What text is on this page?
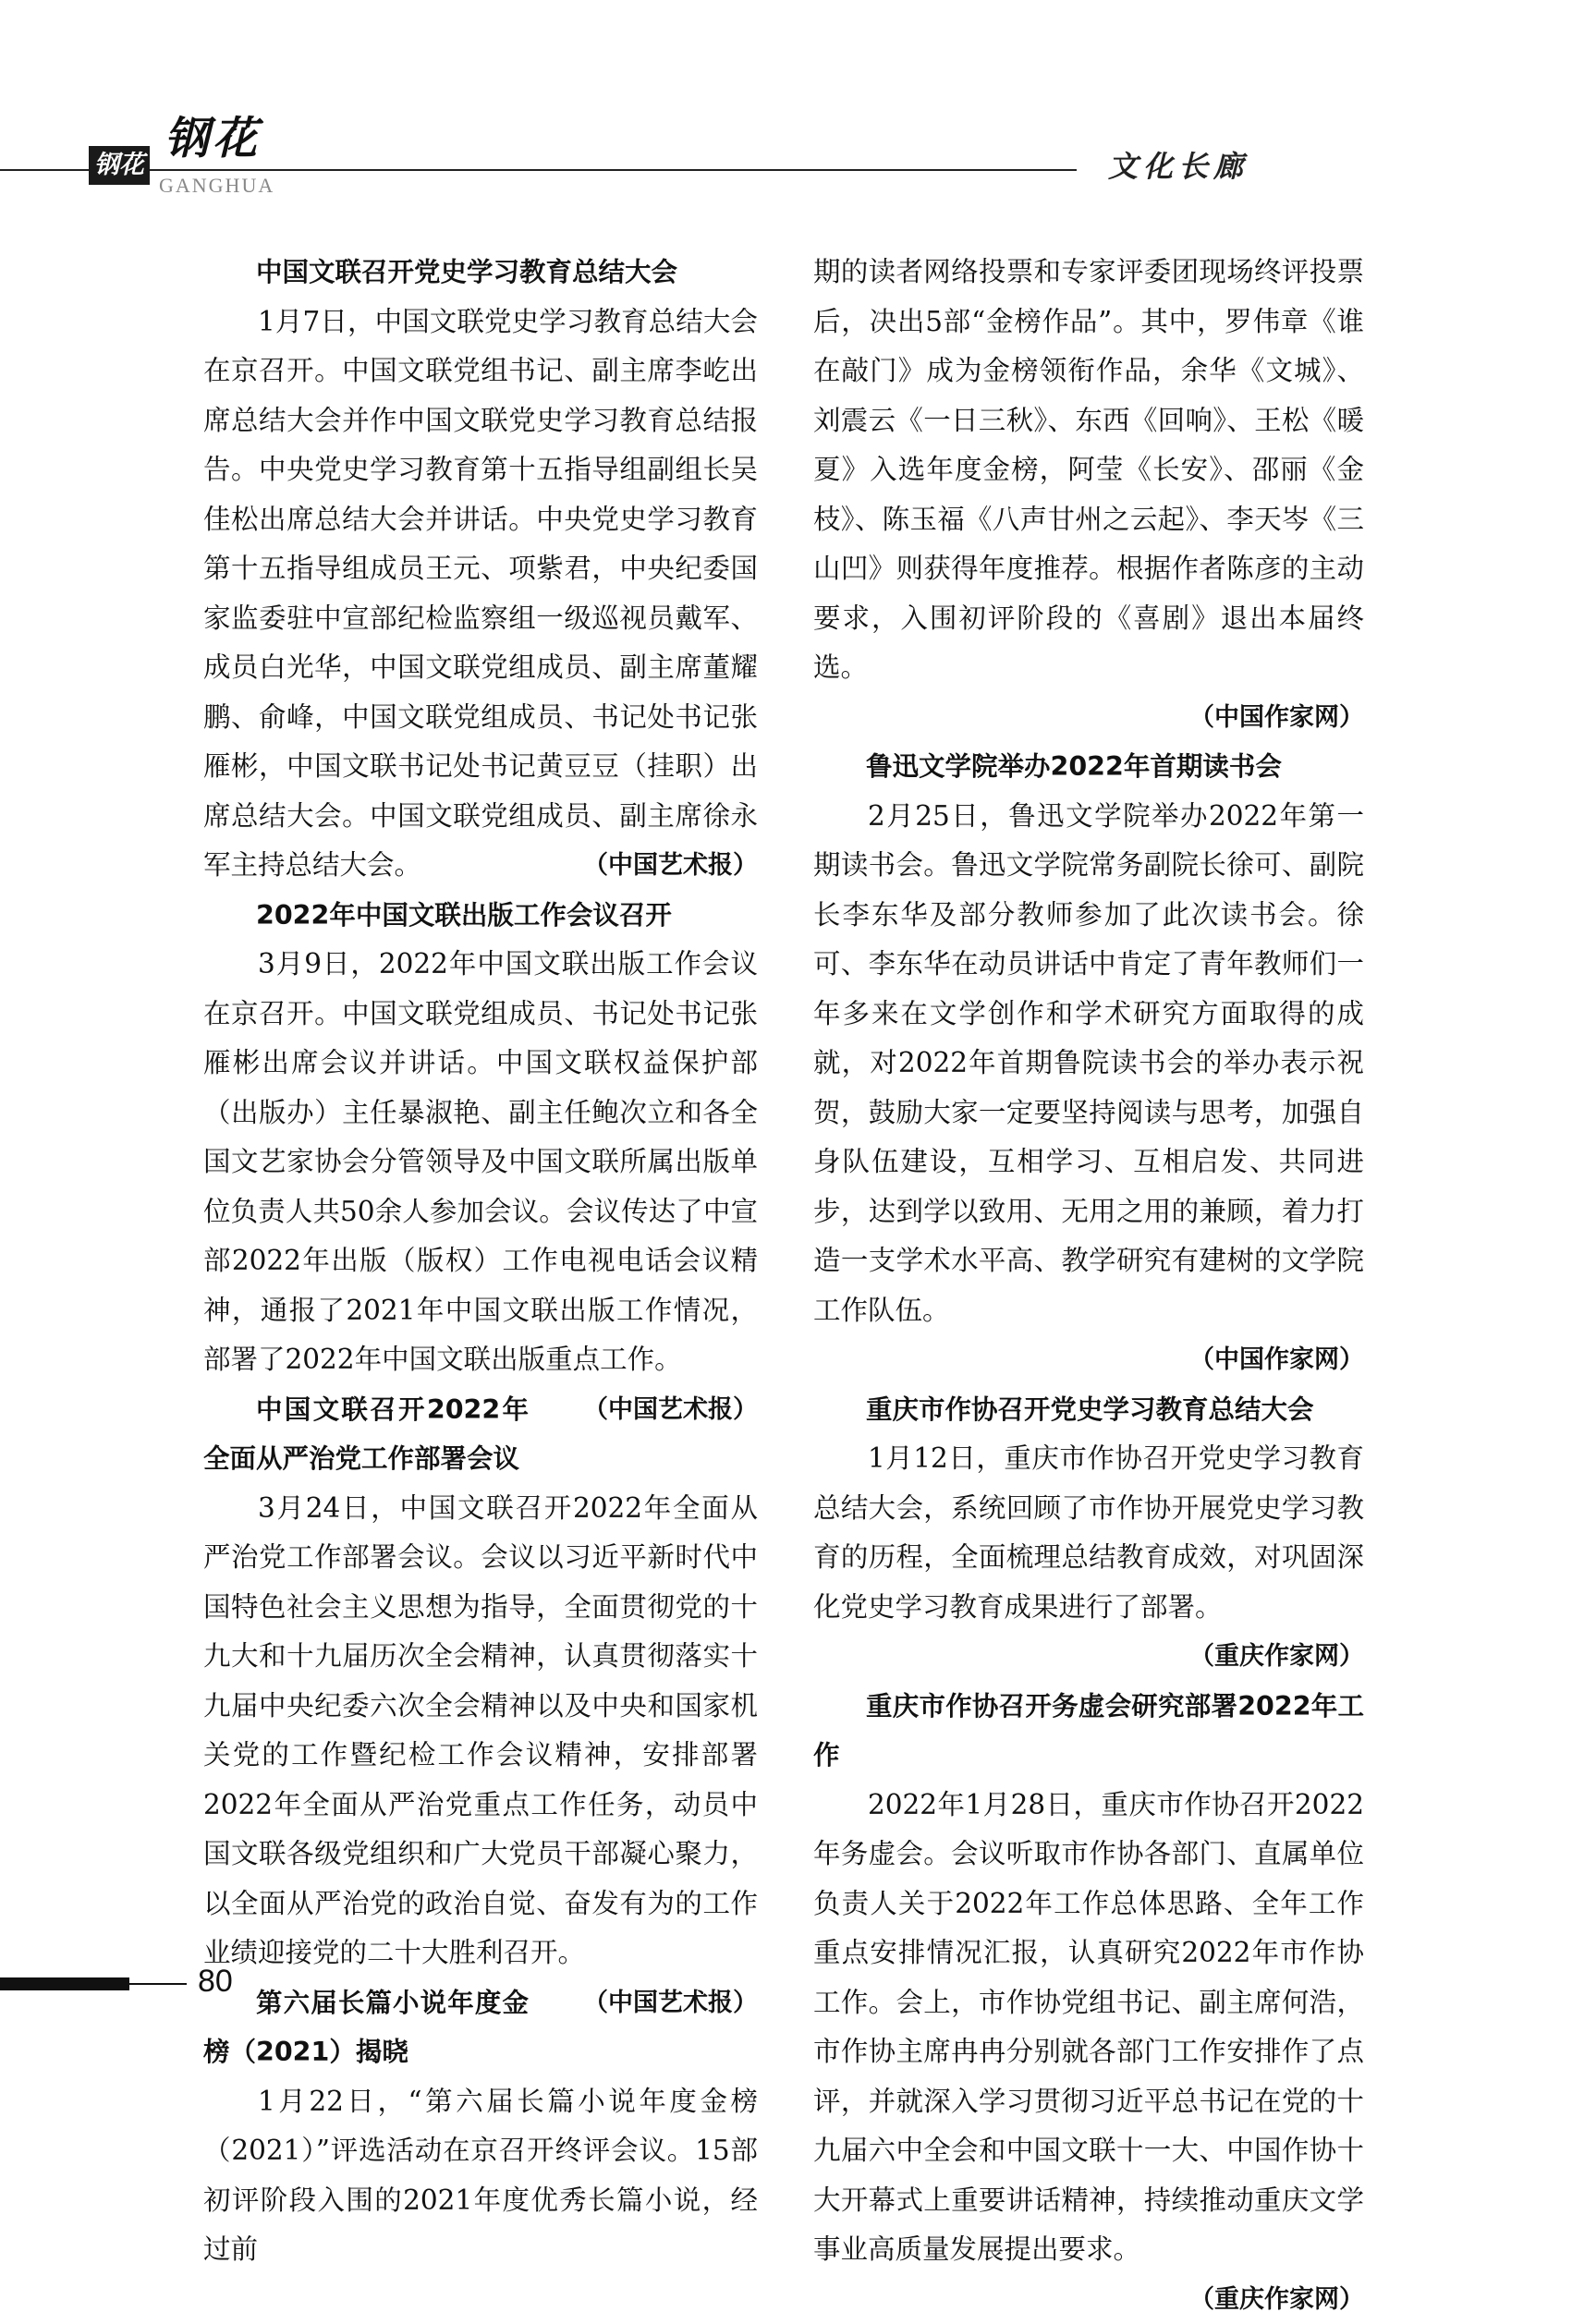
钢花
钢花
GANGHUA
文化长廊
中国文联召开党史学习教育总结大会

1月7日，中国文联党史学习教育总结大会在京召开。中国文联党组书记、副主席李屹出席总结大会并作中国文联党史学习教育总结报告。中央党史学习教育第十五指导组副组长吴佳松出席总结大会并讲话。中央党史学习教育第十五指导组成员王元、项紫君，中央纪委国家监委驻中宣部纪检监察组一级巡视员戴军、成员白光华，中国文联党组成员、副主席董耀鹏、俞峰，中国文联党组成员、书记处书记张雁彬，中国文联书记处书记黄豆豆（挂职）出席总结大会。中国文联党组成员、副主席徐永军主持总结大会。	（中国艺术报）

2022年中国文联出版工作会议召开

3月9日，2022年中国文联出版工作会议在京召开。中国文联党组成员、书记处书记张雁彬出席会议并讲话。中国文联权益保护部（出版办）主任暴淑艳、副主任鲍次立和各全国文艺家协会分管领导及中国文联所属出版单位负责人共50余人参加会议。会议传达了中宣部2022年出版（版权）工作电视电话会议精神，通报了2021年中国文联出版工作情况，部署了2022年中国文联出版重点工作。
（中国艺术报）

中国文联召开2022年全面从严治党工作部署会议

3月24日，中国文联召开2022年全面从严治党工作部署会议。会议以习近平新时代中国特色社会主义思想为指导，全面贯彻党的十九大和十九届历次全会精神，认真贯彻落实十九届中央纪委六次全会精神以及中央和国家机关党的工作暨纪检工作会议精神，安排部署2022年全面从严治党重点工作任务，动员中国文联各级党组织和广大党员干部凝心聚力，以全面从严治党的政治自觉、奋发有为的工作业绩迎接党的二十大胜利召开。
（中国艺术报）

第六届长篇小说年度金榜（2021）揭晓

1月22日，“第六届长篇小说年度金榜（2021）”评选活动在京召开终评会议。15部初评阶段入围的2021年度优秀长篇小说，经过前

期的读者网络投票和专家评委团现场终评投票后，决出5部“金榜作品”。其中，罗伟章《谁在敲门》成为金榜领衔作品，余华《文城》、刘震云《一日三秋》、东西《回响》、王松《暖夏》入选年度金榜，阿莹《长安》、邵丽《金枝》、陈玉福《八声甘州之云起》、李天岑《三山凹》则获得年度推荐。根据作者陈彦的主动要求，入围初评阶段的《喜剧》退出本届终选。

（中国作家网）
鲁迅文学院举办2022年首期读书会

2月25日，鲁迅文学院举办2022年第一期读书会。鲁迅文学院常务副院长徐可、副院长李东华及部分教师参加了此次读书会。徐可、李东华在动员讲话中肯定了青年教师们一年多来在文学创作和学术研究方面取得的成就，对2022年首期鲁院读书会的举办表示祝贺，鼓励大家一定要坚持阅读与思考，加强自身队伍建设，互相学习、互相启发、共同进步，达到学以致用、无用之用的兼顾，着力打造一支学术水平高、教学研究有建树的文学院工作队伍。

（中国作家网）
重庆市作协召开党史学习教育总结大会

1月12日，重庆市作协召开党史学习教育总结大会，系统回顾了市作协开展党史学习教育的历程，全面梳理总结教育成效，对巩固深化党史学习教育成果进行了部署。

（重庆作家网）
重庆市作协召开务虚会研究部署2022年工作

2022年1月28日，重庆市作协召开2022年务虚会。会议听取市作协各部门、直属单位负责人关于2022年工作总体思路、全年工作重点安排情况汇报，认真研究2022年市作协工作。会上，市作协党组书记、副主席何浩，市作协主席冉冉分别就各部门工作安排作了点评，并就深入学习贯彻习近平总书记在党的十九届六中全会和中国文联十一大、中国作协十大开幕式上重要讲话精神，持续推动重庆文学事业高质量发展提出要求。
（重庆作家网）

80
